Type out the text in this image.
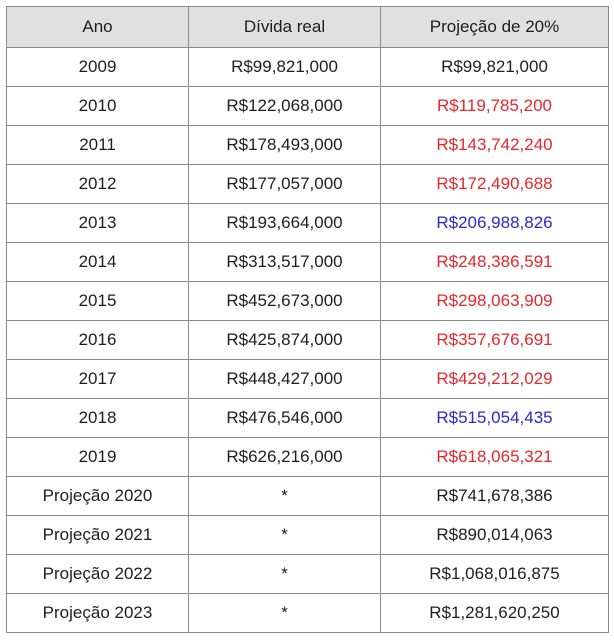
Ano	Dívida real	Projeção de 20%
2009	R$99,821,000	R$99,821,000
2010	R$122,068,000	R$119,785,200
2011	R$178,493,000	R$143,742,240
2012	R$177,057,000	R$172,490,688
2013	R$193,664,000	R$206,988,826
2014	R$313,517,000	R$248,386,591
2015	R$452,673,000	R$298,063,909
2016	R$425,874,000	R$357,676,691
2017	R$448,427,000	R$429,212,029
2018	R$476,546,000	R$515,054,435
2019	R$626,216,000	R$618,065,321
Projeção 2020	*	R$741,678,386
Projeção 2021	*	R$890,014,063
Projeção 2022	*	R$1,068,016,875
Projeção 2023	*	R$1,281,620,250
